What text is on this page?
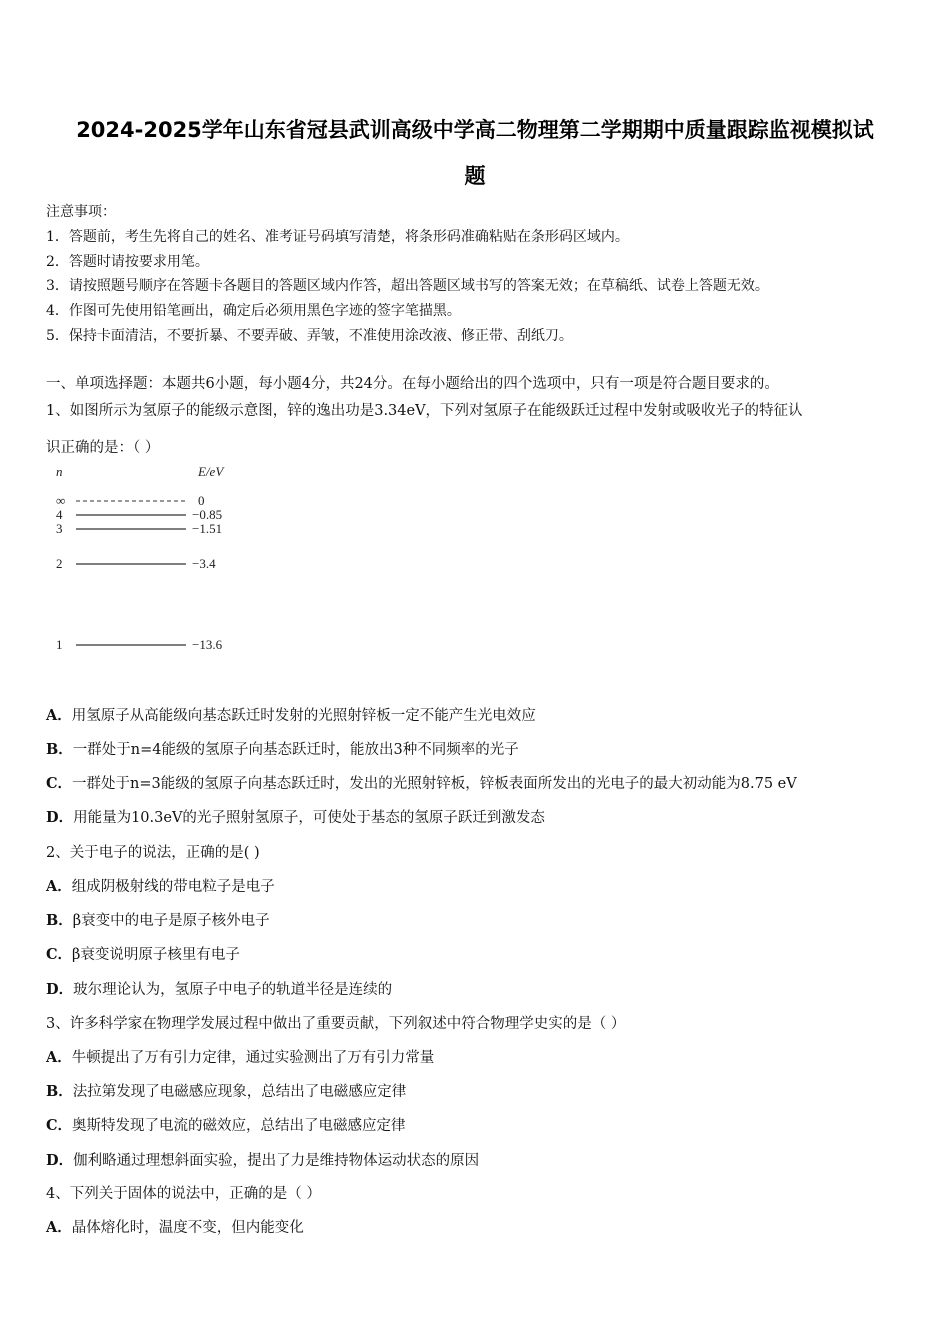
2024-2025学年山东省冠县武训高级中学高二物理第二学期期中质量跟踪监视模拟试
题
注意事项：
1．答题前，考生先将自己的姓名、准考证号码填写清楚，将条形码准确粘贴在条形码区域内。
2．答题时请按要求用笔。
3．请按照题号顺序在答题卡各题目的答题区域内作答，超出答题区域书写的答案无效；在草稿纸、试卷上答题无效。
4．作图可先使用铅笔画出，确定后必须用黑色字迹的签字笔描黑。
5．保持卡面清洁，不要折暴、不要弄破、弄皱，不准使用涂改液、修正带、刮纸刀。
一、单项选择题：本题共6小题，每小题4分，共24分。在每小题给出的四个选项中，只有一项是符合题目要求的。
1、如图所示为氢原子的能级示意图，锌的逸出功是3.34eV，下列对氢原子在能级跃迁过程中发射或吸收光子的特征认
识正确的是：（ ）
n	E/eV
∞	0
4	−0.85
3	−1.51
2	−3.4
1	−13.6
A．用氢原子从高能级向基态跃迁时发射的光照射锌板一定不能产生光电效应
B．一群处于n=4能级的氢原子向基态跃迁时，能放出3种不同频率的光子
C．一群处于n=3能级的氢原子向基态跃迁时，发出的光照射锌板，锌板表面所发出的光电子的最大初动能为8.75 eV
D．用能量为10.3eV的光子照射氢原子，可使处于基态的氢原子跃迁到激发态
2、关于电子的说法，正确的是( )
A．组成阴极射线的带电粒子是电子
B．β衰变中的电子是原子核外电子
C．β衰变说明原子核里有电子
D．玻尔理论认为，氢原子中电子的轨道半径是连续的
3、许多科学家在物理学发展过程中做出了重要贡献，下列叙述中符合物理学史实的是（ ）
A．牛顿提出了万有引力定律，通过实验测出了万有引力常量
B．法拉第发现了电磁感应现象，总结出了电磁感应定律
C．奥斯特发现了电流的磁效应，总结出了电磁感应定律
D．伽利略通过理想斜面实验，提出了力是维持物体运动状态的原因
4、下列关于固体的说法中，正确的是（ ）
A．晶体熔化时，温度不变，但内能变化
